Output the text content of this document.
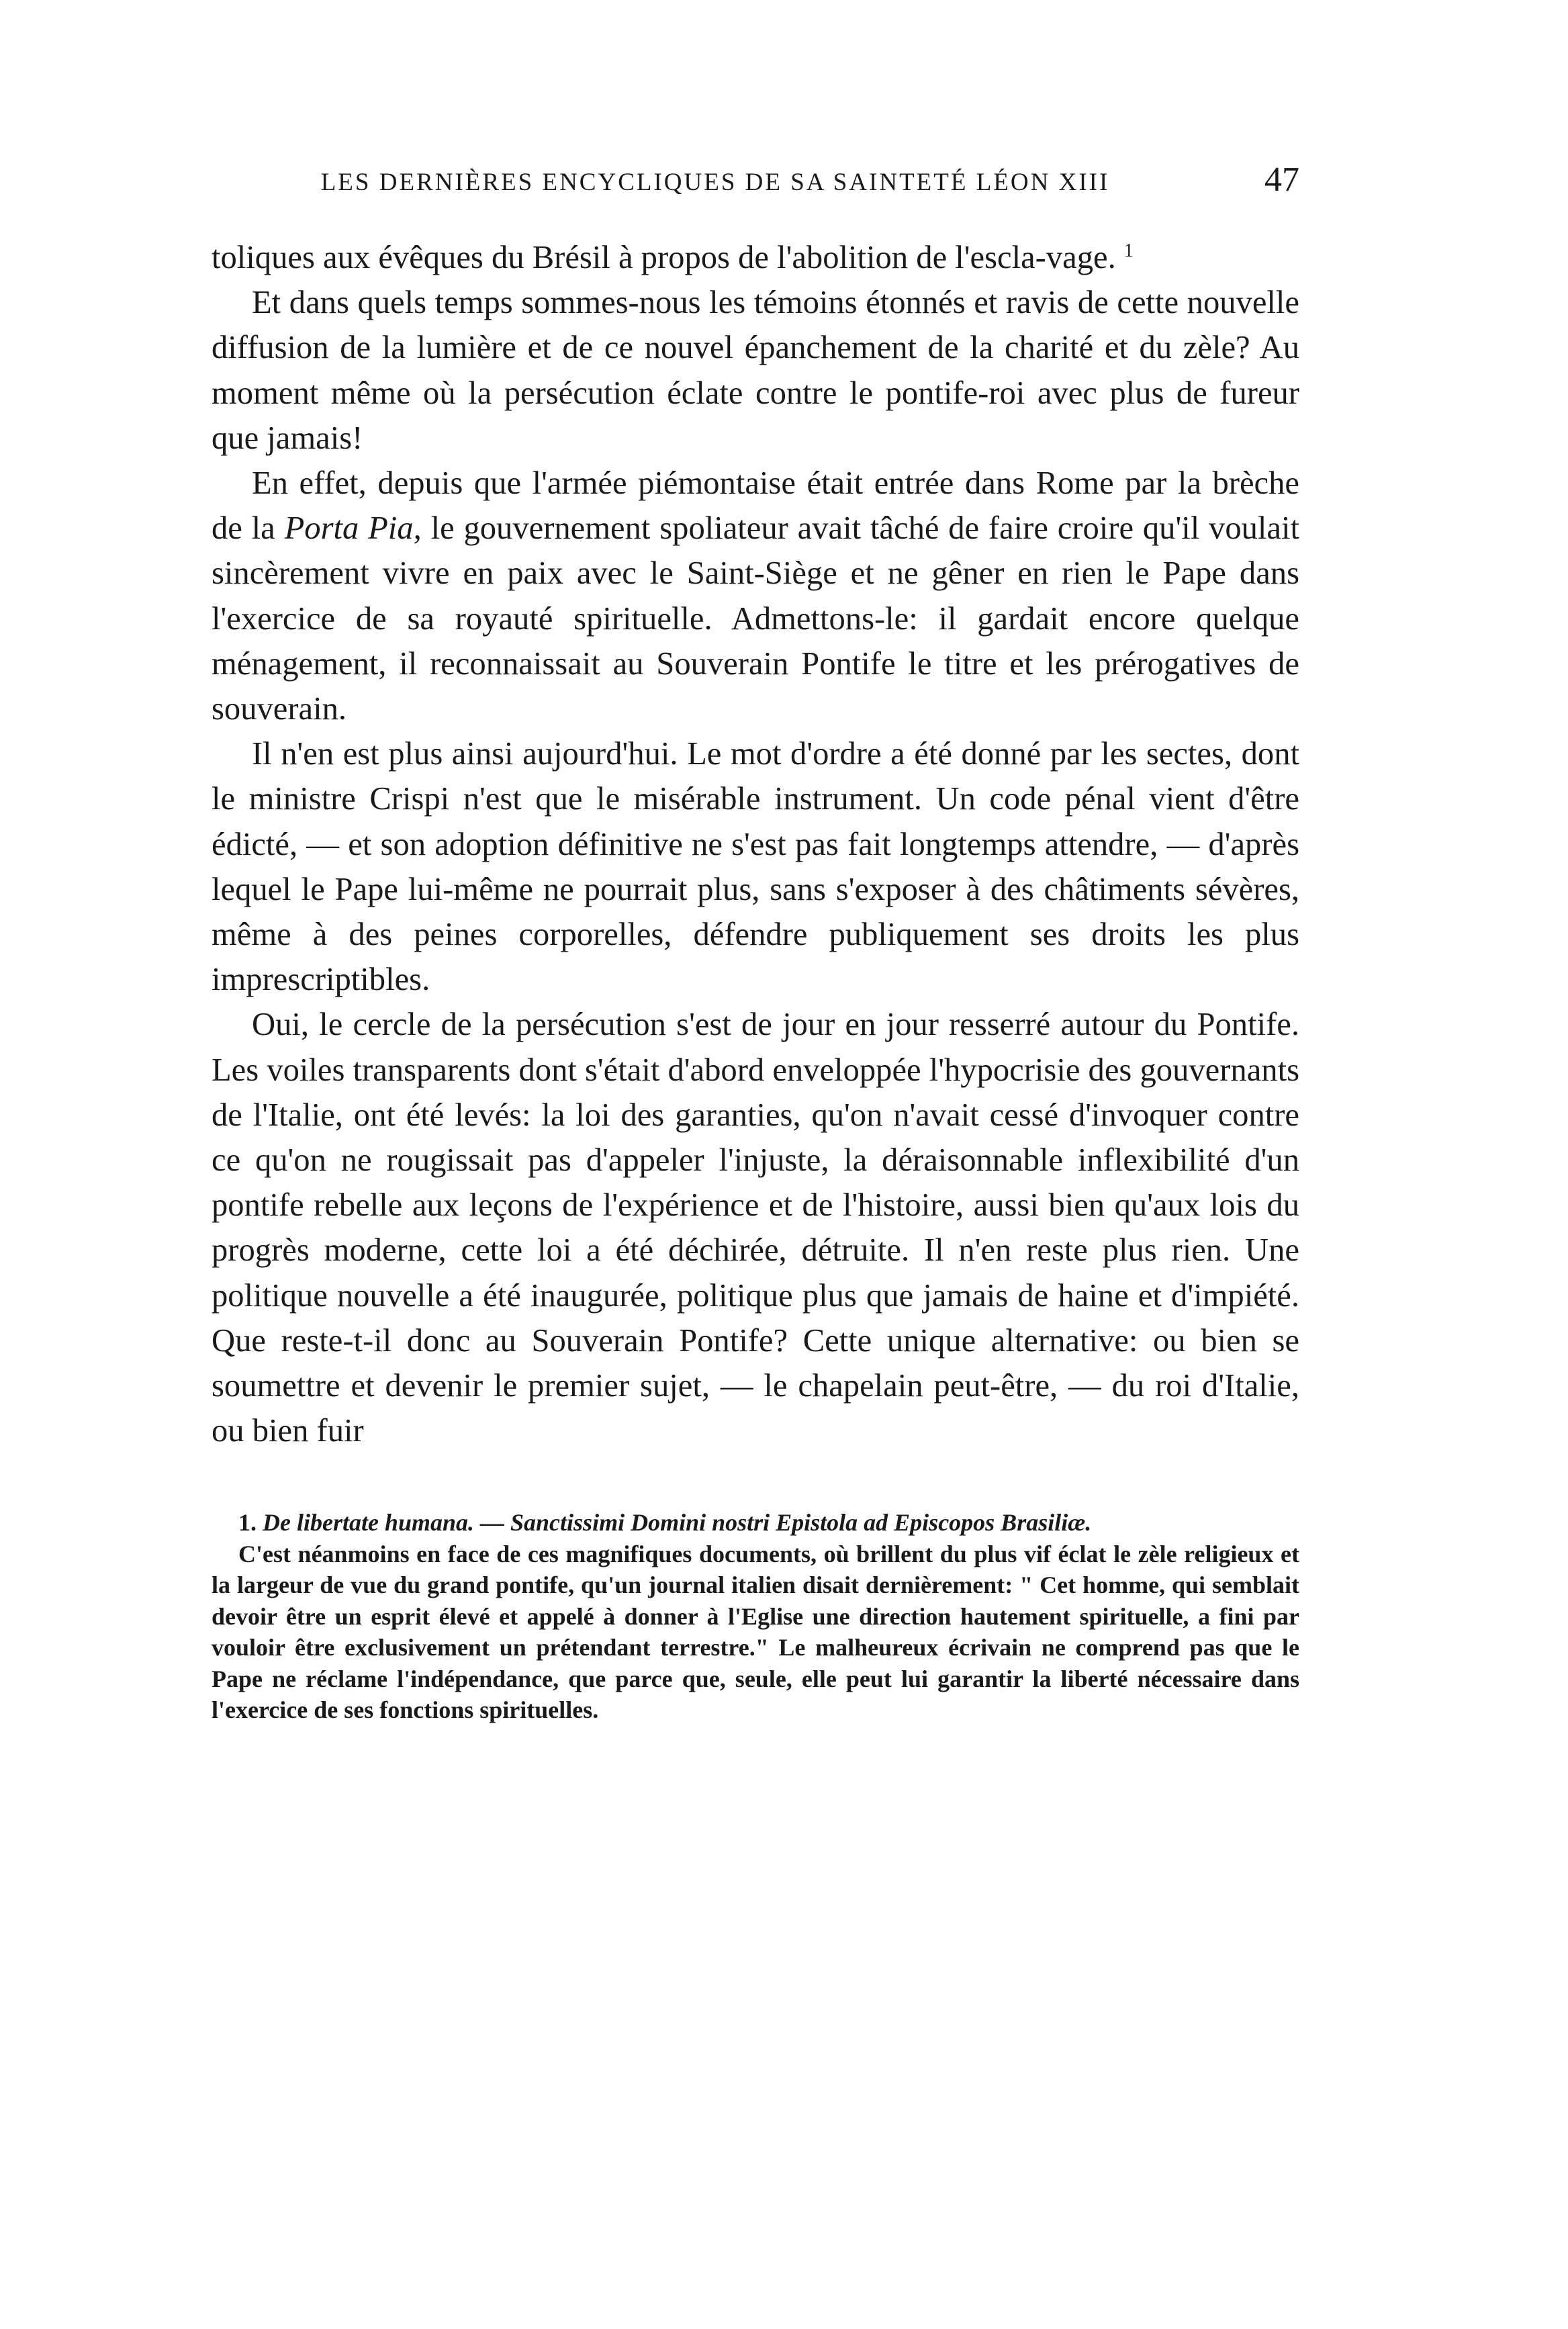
LES DERNIÈRES ENCYCLIQUES DE SA SAINTETÉ LÉON XIII	47

toliques aux évêques du Brésil à propos de l'abolition de l'escla-vage. $^1$

Et dans quels temps sommes-nous les témoins étonnés et ravis de cette nouvelle diffusion de la lumière et de ce nouvel épanchement de la charité et du zèle? Au moment même où la persécution éclate contre le pontife-roi avec plus de fureur que jamais!

En effet, depuis que l'armée piémontaise était entrée dans Rome par la brèche de la Porta Pia, le gouvernement spoliateur avait tâché de faire croire qu'il voulait sincèrement vivre en paix avec le Saint-Siège et ne gêner en rien le Pape dans l'exercice de sa royauté spirituelle. Admettons-le: il gardait encore quelque ménagement, il reconnaissait au Souverain Pontife le titre et les prérogatives de souverain.

Il n'en est plus ainsi aujourd'hui. Le mot d'ordre a été donné par les sectes, dont le ministre Crispi n'est que le misérable instrument. Un code pénal vient d'être édicté, — et son adoption définitive ne s'est pas fait longtemps attendre, — d'après lequel le Pape lui-même ne pourrait plus, sans s'exposer à des châtiments sévères, même à des peines corporelles, défendre publiquement ses droits les plus imprescriptibles.

Oui, le cercle de la persécution s'est de jour en jour resserré autour du Pontife. Les voiles transparents dont s'était d'abord enveloppée l'hypocrisie des gouvernants de l'Italie, ont été levés: la loi des garanties, qu'on n'avait cessé d'invoquer contre ce qu'on ne rougissait pas d'appeler l'injuste, la déraisonnable inflexibilité d'un pontife rebelle aux leçons de l'expérience et de l'histoire, aussi bien qu'aux lois du progrès moderne, cette loi a été déchirée, détruite. Il n'en reste plus rien. Une politique nouvelle a été inaugurée, politique plus que jamais de haine et d'impiété. Que reste-t-il donc au Souverain Pontife? Cette unique alternative: ou bien se soumettre et devenir le premier sujet, — le chapelain peut-être, — du roi d'Italie, ou bien fuir

1. De libertate humana. — Sanctissimi Domini nostri Epistola ad Episcopos Brasiliæ.

C'est néanmoins en face de ces magnifiques documents, où brillent du plus vif éclat le zèle religieux et la largeur de vue du grand pontife, qu'un journal italien disait dernièrement: " Cet homme, qui semblait devoir être un esprit élevé et appelé à donner à l'Eglise une direction hautement spirituelle, a fini par vouloir être exclusivement un prétendant terrestre." Le malheureux écrivain ne comprend pas que le Pape ne réclame l'indépendance, que parce que, seule, elle peut lui garantir la liberté nécessaire dans l'exercice de ses fonctions spirituelles.
